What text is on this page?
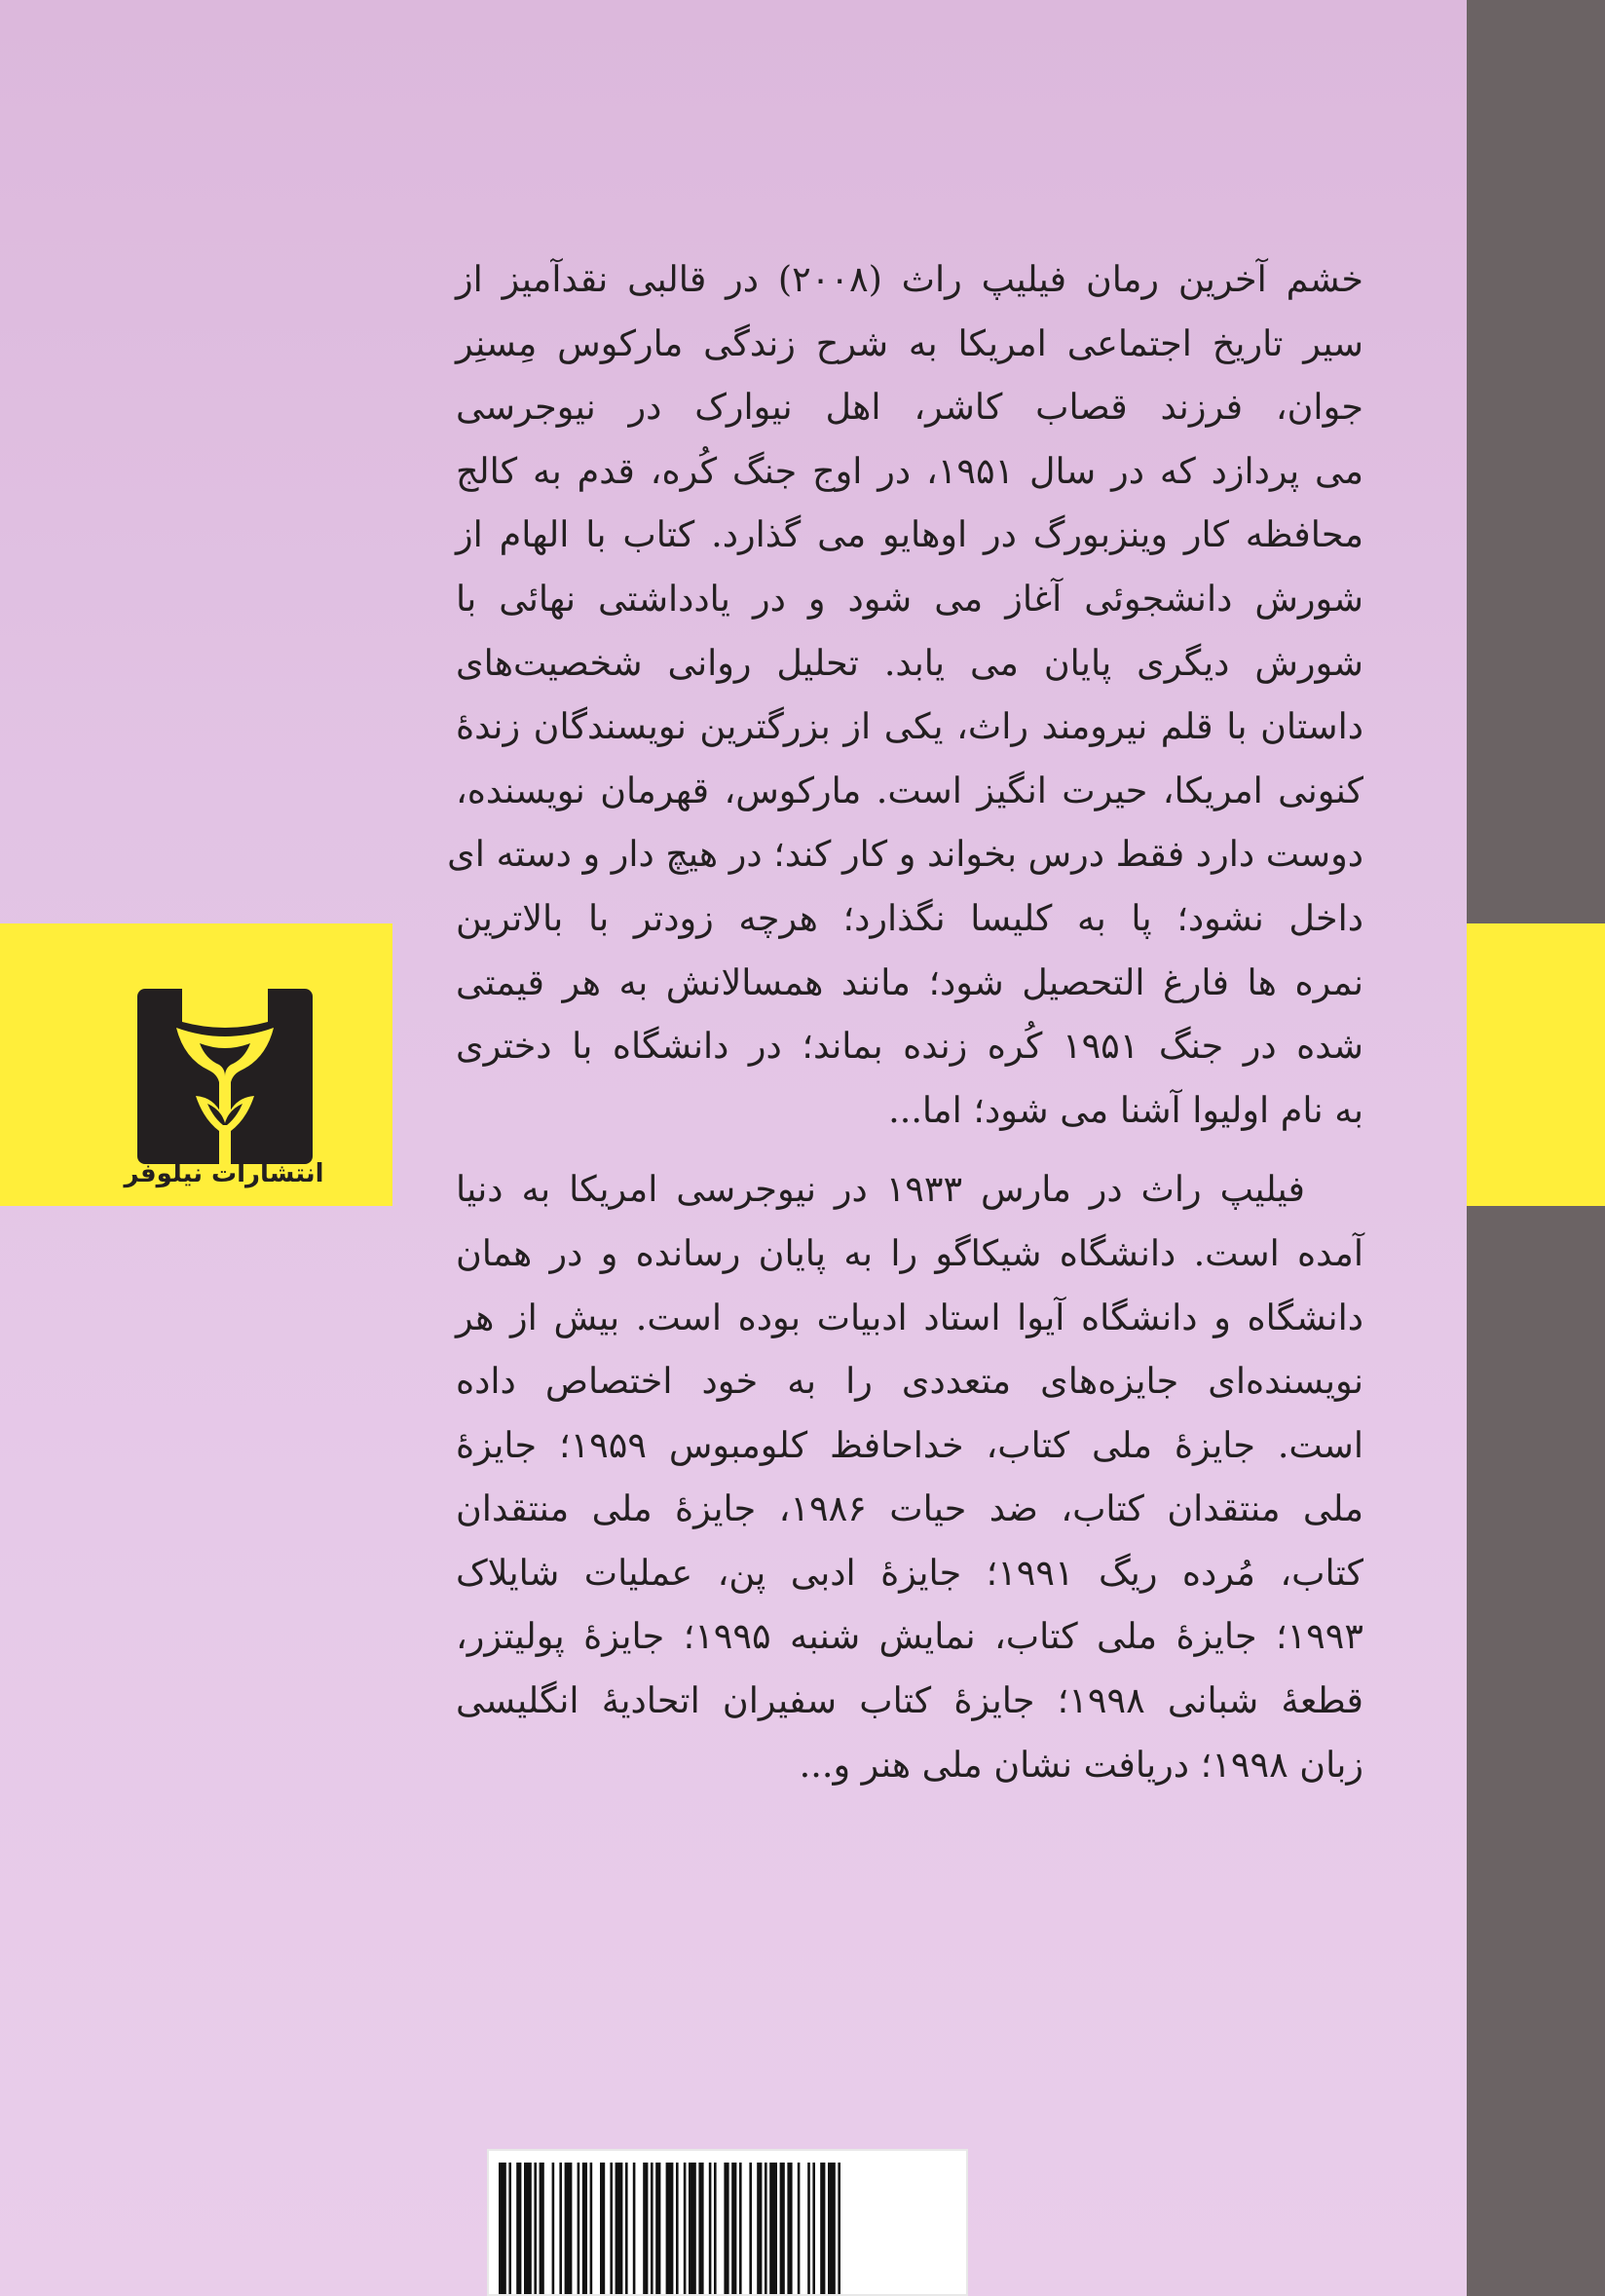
انتشارات نیلوفر
خشم آخرین رمان فیلیپ راث (۲۰۰۸) در قالبی نقدآمیز از
سیر تاریخ اجتماعی امریکا به شرح زندگی مارکوس مِسنِر
جوان، فرزند قصاب کاشر، اهل نیوارک در نیوجرسی
می پردازد که در سال ۱۹۵۱، در اوج جنگ کُره، قدم به کالج
محافظه کار وینزبورگ در اوهایو می گذارد. کتاب با الهام از
شورش دانشجوئی آغاز می شود و در یادداشتی نهائی با
شورش دیگری پایان می یابد. تحلیل روانی شخصیت‌های
داستان با قلم نیرومند راث، یکی از بزرگترین نویسندگان زندهٔ
کنونی امریکا، حیرت انگیز است. مارکوس، قهرمان نویسنده،
دوست دارد فقط درس بخواند و کار کند؛ در هیچ دار و دسته ای
داخل نشود؛ پا به کلیسا نگذارد؛ هرچه زودتر با بالاترین
نمره ها فارغ التحصیل شود؛ مانند همسالانش به هر قیمتی
شده در جنگ ۱۹۵۱ کُره زنده بماند؛ در دانشگاه با دختری
به نام اولیوا آشنا می شود؛ اما...
فیلیپ راث در مارس ۱۹۳۳ در نیوجرسی امریکا به دنیا
آمده است. دانشگاه شیکاگو را به پایان رسانده و در همان
دانشگاه و دانشگاه آیوا استاد ادبیات بوده است. بیش از هر
نویسنده‌ای جایزه‌های متعددی را به خود اختصاص داده
است. جایزهٔ ملی کتاب، خداحافظ کلومبوس ۱۹۵۹؛ جایزهٔ
ملی منتقدان کتاب، ضد حیات ۱۹۸۶، جایزهٔ ملی منتقدان
کتاب، مُرده ریگ ۱۹۹۱؛ جایزهٔ ادبی پن، عملیات شایلاک
۱۹۹۳؛ جایزهٔ ملی کتاب، نمایش شنبه ۱۹۹۵؛ جایزهٔ پولیتزر،
قطعهٔ شبانی ۱۹۹۸؛ جایزهٔ کتاب سفیران اتحادیهٔ انگلیسی
زبان ۱۹۹۸؛ دریافت نشان ملی هنر و...
